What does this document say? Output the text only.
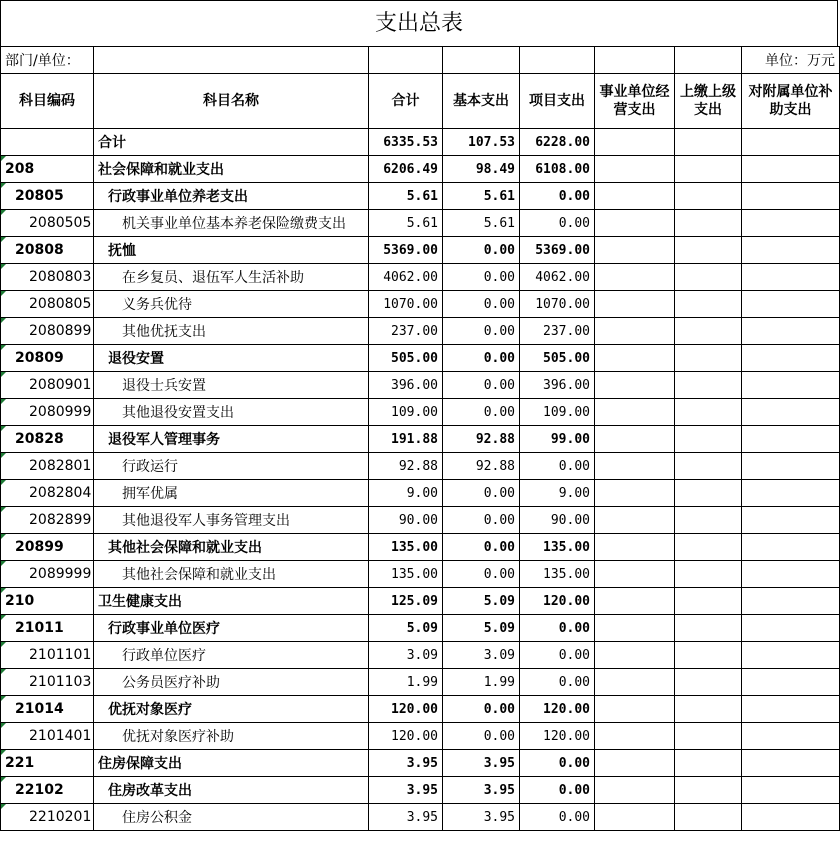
支出总表
部门/单位：							单位：万元
科目编码	科目名称	合计	基本支出	项目支出	事业单位经营支出	上缴上级支出	对附属单位补助支出
	合计	6335.53	107.53	6228.00			
208	社会保障和就业支出	6206.49	98.49	6108.00			
20805	行政事业单位养老支出	5.61	5.61	0.00			
2080505	机关事业单位基本养老保险缴费支出	5.61	5.61	0.00			
20808	抚恤	5369.00	0.00	5369.00			
2080803	在乡复员、退伍军人生活补助	4062.00	0.00	4062.00			
2080805	义务兵优待	1070.00	0.00	1070.00			
2080899	其他优抚支出	237.00	0.00	237.00			
20809	退役安置	505.00	0.00	505.00			
2080901	退役士兵安置	396.00	0.00	396.00			
2080999	其他退役安置支出	109.00	0.00	109.00			
20828	退役军人管理事务	191.88	92.88	99.00			
2082801	行政运行	92.88	92.88	0.00			
2082804	拥军优属	9.00	0.00	9.00			
2082899	其他退役军人事务管理支出	90.00	0.00	90.00			
20899	其他社会保障和就业支出	135.00	0.00	135.00			
2089999	其他社会保障和就业支出	135.00	0.00	135.00			
210	卫生健康支出	125.09	5.09	120.00			
21011	行政事业单位医疗	5.09	5.09	0.00			
2101101	行政单位医疗	3.09	3.09	0.00			
2101103	公务员医疗补助	1.99	1.99	0.00			
21014	优抚对象医疗	120.00	0.00	120.00			
2101401	优抚对象医疗补助	120.00	0.00	120.00			
221	住房保障支出	3.95	3.95	0.00			
22102	住房改革支出	3.95	3.95	0.00			
2210201	住房公积金	3.95	3.95	0.00			
